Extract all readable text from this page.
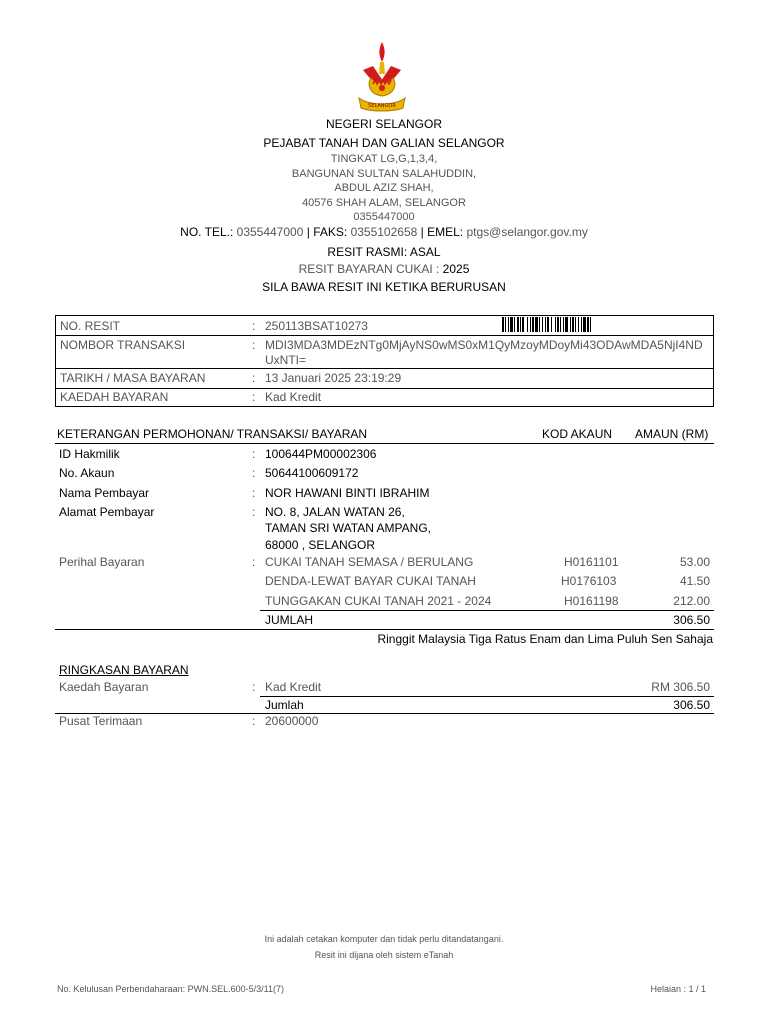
SELANGOR
NEGERI SELANGOR
PEJABAT TANAH DAN GALIAN SELANGOR
TINGKAT LG,G,1,3,4,
BANGUNAN SULTAN SALAHUDDIN,
ABDUL AZIZ SHAH,
40576 SHAH ALAM, SELANGOR
0355447000
NO. TEL.: 0355447000 | FAKS: 0355102658 | EMEL: ptgs@selangor.gov.my
RESIT RASMI: ASAL
RESIT BAYARAN CUKAI : 2025
SILA BAWA RESIT INI KETIKA BERURUSAN
NO. RESIT	: 250113BSAT10273
NOMBOR TRANSAKSI	: MDI3MDA3MDEzNTg0MjAyNS0wMS0xM1QyMzoyMDoyMi43ODAwMDA5NjI4ND
UxNTI=
TARIKH / MASA BAYARAN	: 13 Januari 2025 23:19:29
KAEDAH BAYARAN	: Kad Kredit
KETERANGAN PERMOHONAN/ TRANSAKSI/ BAYARAN	KOD AKAUN AMAUN (RM)
ID Hakmilik	: 100644PM00002306
No. Akaun	: 50644100609172
Nama Pembayar	: NOR HAWANI BINTI IBRAHIM
Alamat Pembayar	: NO. 8, JALAN WATAN 26,
TAMAN SRI WATAN AMPANG,
68000 , SELANGOR
Perihal Bayaran	: CUKAI TANAH SEMASA / BERULANG	H0161101	53.00
DENDA-LEWAT BAYAR CUKAI TANAH	H0176103	41.50
TUNGGAKAN CUKAI TANAH 2021 - 2024	H0161198	212.00
JUMLAH	306.50
Ringgit Malaysia Tiga Ratus Enam dan Lima Puluh Sen Sahaja
RINGKASAN BAYARAN
Kaedah Bayaran	: Kad Kredit	RM 306.50
Jumlah	306.50
Pusat Terimaan	: 20600000
Ini adalah cetakan komputer dan tidak perlu ditandatangani.
Resit ini dijana oleh sistem eTanah
No. Kelulusan Perbendaharaan: PWN.SEL.600-5/3/11(7)	Helaian : 1 / 1
